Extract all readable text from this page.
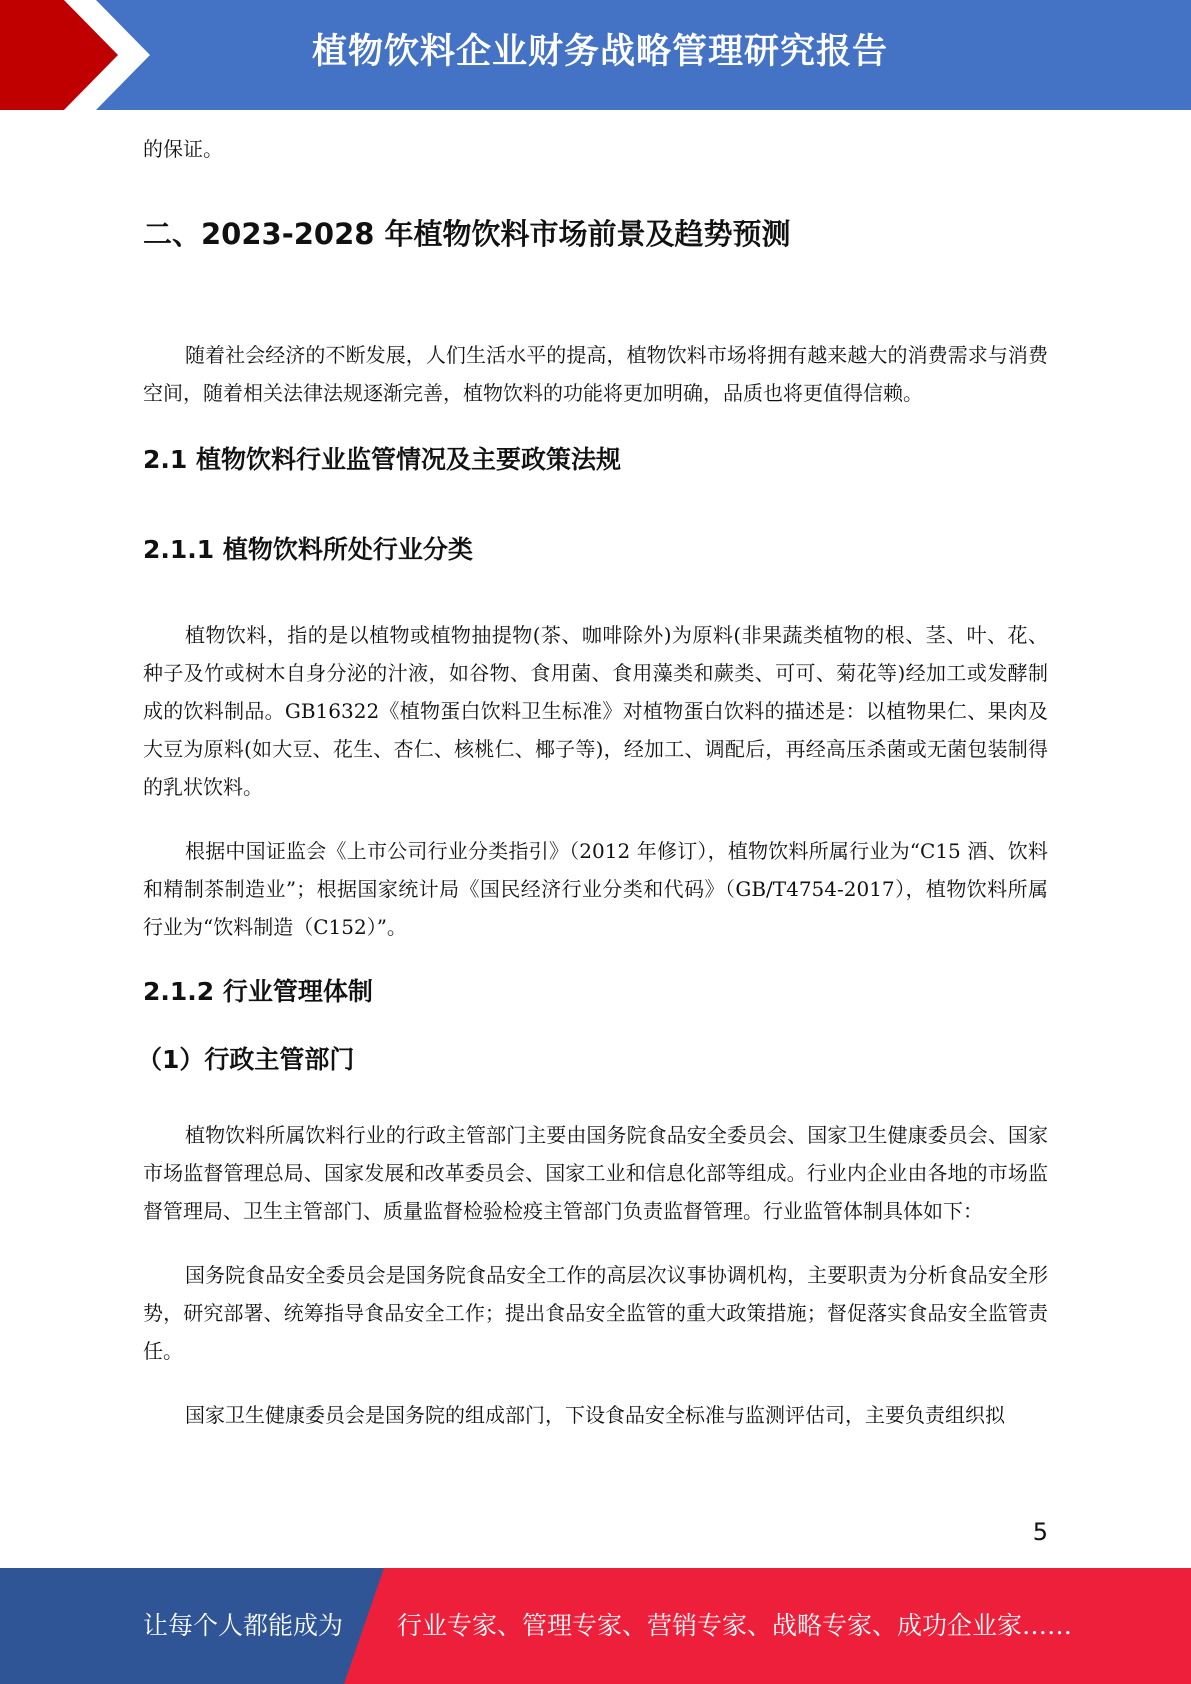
植物饮料企业财务战略管理研究报告

的保证。

二、2023-2028 年植物饮料市场前景及趋势预测

随着社会经济的不断发展，人们生活水平的提高，植物饮料市场将拥有越来越大的消费需求与消费空间，随着相关法律法规逐渐完善，植物饮料的功能将更加明确，品质也将更值得信赖。

2.1 植物饮料行业监管情况及主要政策法规
2.1.1 植物饮料所处行业分类

植物饮料，指的是以植物或植物抽提物(茶、咖啡除外)为原料(非果蔬类植物的根、茎、叶、花、种子及竹或树木自身分泌的汁液，如谷物、食用菌、食用藻类和蕨类、可可、菊花等)经加工或发酵制成的饮料制品。GB16322《植物蛋白饮料卫生标准》对植物蛋白饮料的描述是：以植物果仁、果肉及大豆为原料(如大豆、花生、杏仁、核桃仁、椰子等)，经加工、调配后，再经高压杀菌或无菌包装制得的乳状饮料。

根据中国证监会《上市公司行业分类指引》（2012 年修订），植物饮料所属行业为“C15 酒、饮料和精制茶制造业”；根据国家统计局《国民经济行业分类和代码》（GB/T4754-2017），植物饮料所属行业为“饮料制造（C152）”。

2.1.2 行业管理体制
（1）行政主管部门

植物饮料所属饮料行业的行政主管部门主要由国务院食品安全委员会、国家卫生健康委员会、国家市场监督管理总局、国家发展和改革委员会、国家工业和信息化部等组成。行业内企业由各地的市场监督管理局、卫生主管部门、质量监督检验检疫主管部门负责监督管理。行业监管体制具体如下：

国务院食品安全委员会是国务院食品安全工作的高层次议事协调机构，主要职责为分析食品安全形势，研究部署、统筹指导食品安全工作；提出食品安全监管的重大政策措施；督促落实食品安全监管责任。

国家卫生健康委员会是国务院的组成部门，下设食品安全标准与监测评估司，主要负责组织拟

5
让每个人都能成为 行业专家、管理专家、营销专家、战略专家、成功企业家……
